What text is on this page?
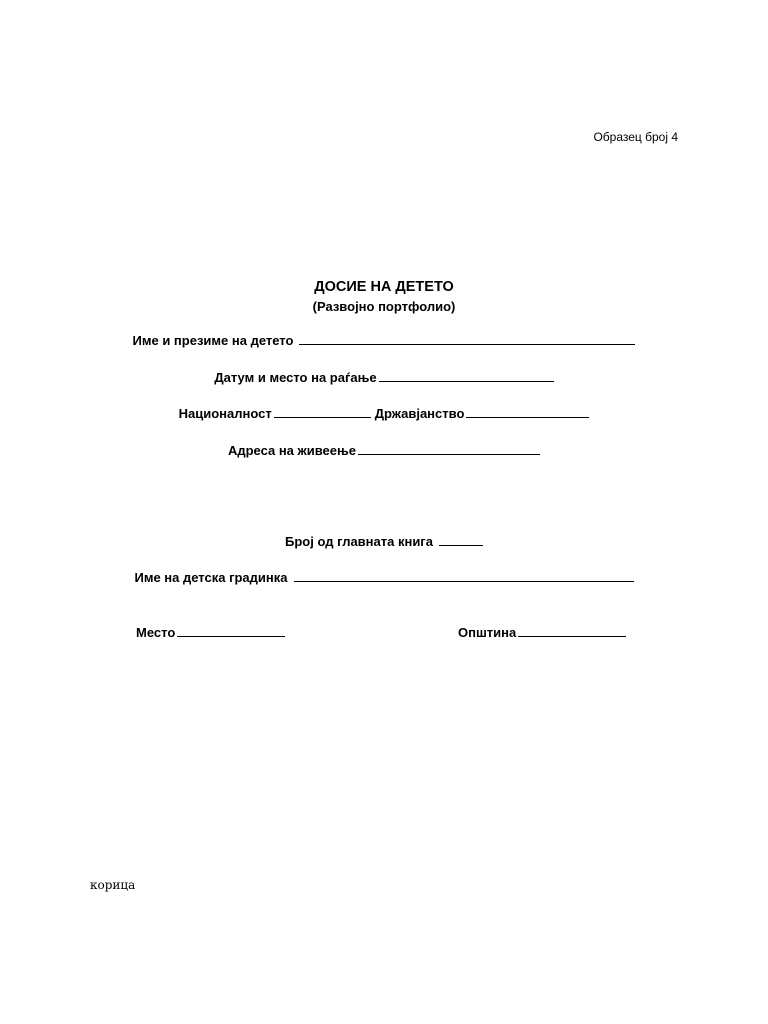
Образец број 4
ДОСИЕ НА ДЕТЕТО
(Развојно портфолио)
Име и презиме на детето
Датум и место на раѓање
Националност	Државјанство
Адреса на живеење
Број од главната книга
Име на детска градинка
Место	Општина
корица
